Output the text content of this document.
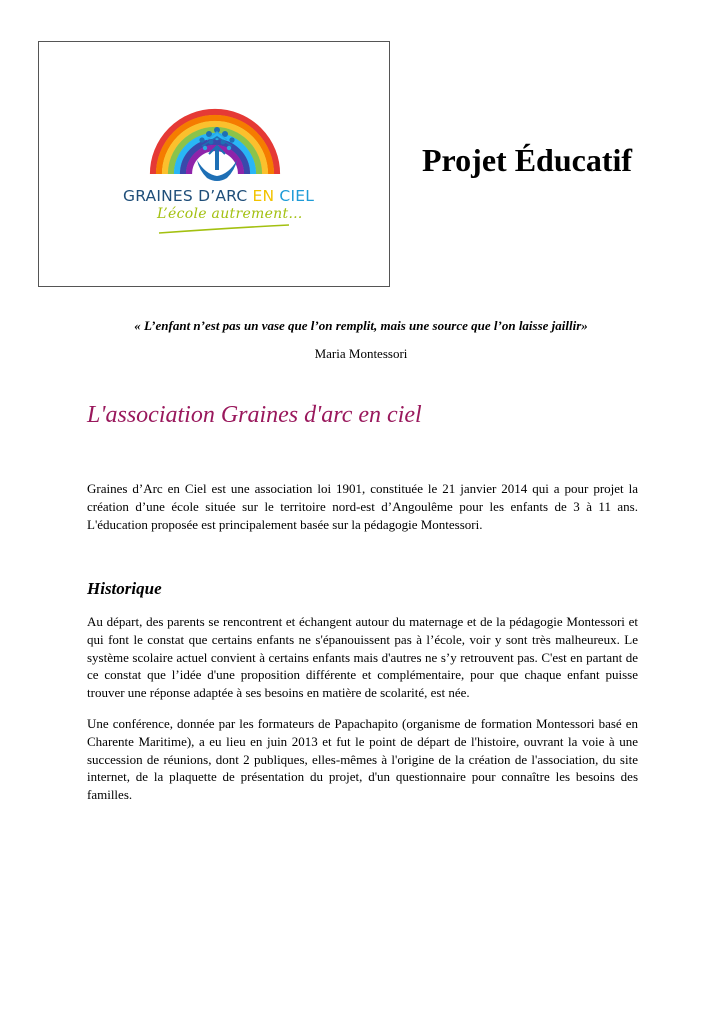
GRAINES D’ARC EN CIEL
L’école autrement…
Projet Éducatif
« L’enfant n’est pas un vase que l’on remplit, mais une source que l’on laisse jaillir»
Maria Montessori
L'association Graines d'arc en ciel

Graines d’Arc en Ciel est une association loi 1901, constituée le 21 janvier 2014 qui a pour projet la création d’une école située sur le territoire nord-est d’Angoulême pour les enfants de 3 à 11 ans. L'éducation proposée est principalement basée sur la pédagogie Montessori.

Historique

Au départ, des parents se rencontrent et échangent autour du maternage et de la pédagogie Montessori et qui font le constat que certains enfants ne s'épanouissent pas à l’école, voir y sont très malheureux. Le système scolaire actuel convient à certains enfants mais d'autres ne s’y retrouvent pas. C'est en partant de ce constat que l’idée d'une proposition différente et complémentaire, pour que chaque enfant puisse trouver une réponse adaptée à ses besoins en matière de scolarité, est née.

Une conférence, donnée par les formateurs de Papachapito (organisme de formation Montessori basé en Charente Maritime), a eu lieu en juin 2013 et fut le point de départ de l'histoire, ouvrant la voie à une succession de réunions, dont 2 publiques, elles-mêmes à l'origine de la création de l'association, du site internet, de la plaquette de présentation du projet, d'un questionnaire pour connaître les besoins des familles.
